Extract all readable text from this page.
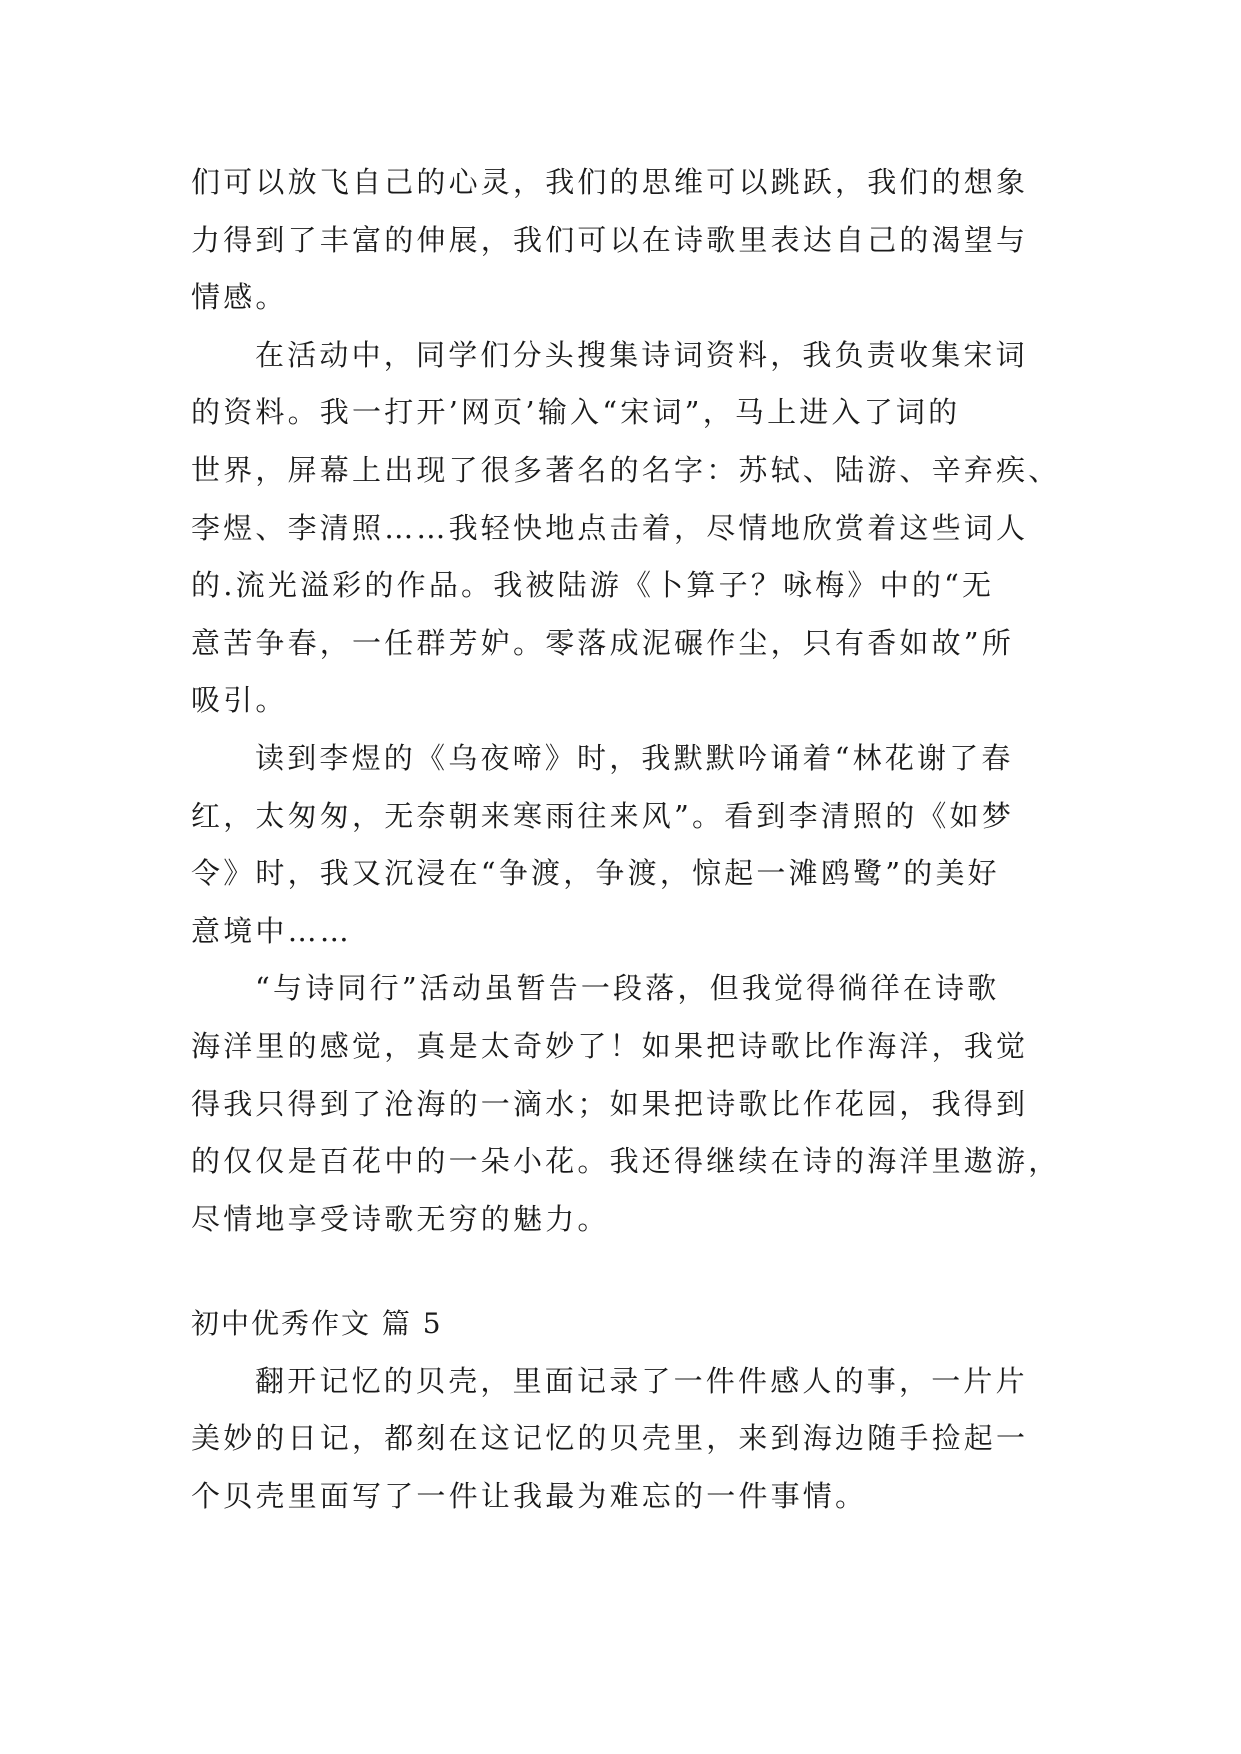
们可以放飞自己的心灵，我们的思维可以跳跃，我们的想象
力得到了丰富的伸展，我们可以在诗歌里表达自己的渴望与
情感。
在活动中，同学们分头搜集诗词资料，我负责收集宋词
的资料。我一打开’网页’输入“宋词”，马上进入了词的
世界，屏幕上出现了很多著名的名字：苏轼、陆游、辛弃疾、
李煜、李清照……我轻快地点击着，尽情地欣赏着这些词人
的.流光溢彩的作品。我被陆游《卜算子？咏梅》中的“无
意苦争春，一任群芳妒。零落成泥碾作尘，只有香如故”所
吸引。
读到李煜的《乌夜啼》时，我默默吟诵着“林花谢了春
红，太匆匆，无奈朝来寒雨往来风”。看到李清照的《如梦
令》时，我又沉浸在“争渡，争渡，惊起一滩鸥鹭”的美好
意境中……
“与诗同行”活动虽暂告一段落，但我觉得徜徉在诗歌
海洋里的感觉，真是太奇妙了！如果把诗歌比作海洋，我觉
得我只得到了沧海的一滴水；如果把诗歌比作花园，我得到
的仅仅是百花中的一朵小花。我还得继续在诗的海洋里遨游，
尽情地享受诗歌无穷的魅力。
初中优秀作文 篇 5
翻开记忆的贝壳，里面记录了一件件感人的事，一片片
美妙的日记，都刻在这记忆的贝壳里，来到海边随手捡起一
个贝壳里面写了一件让我最为难忘的一件事情。
